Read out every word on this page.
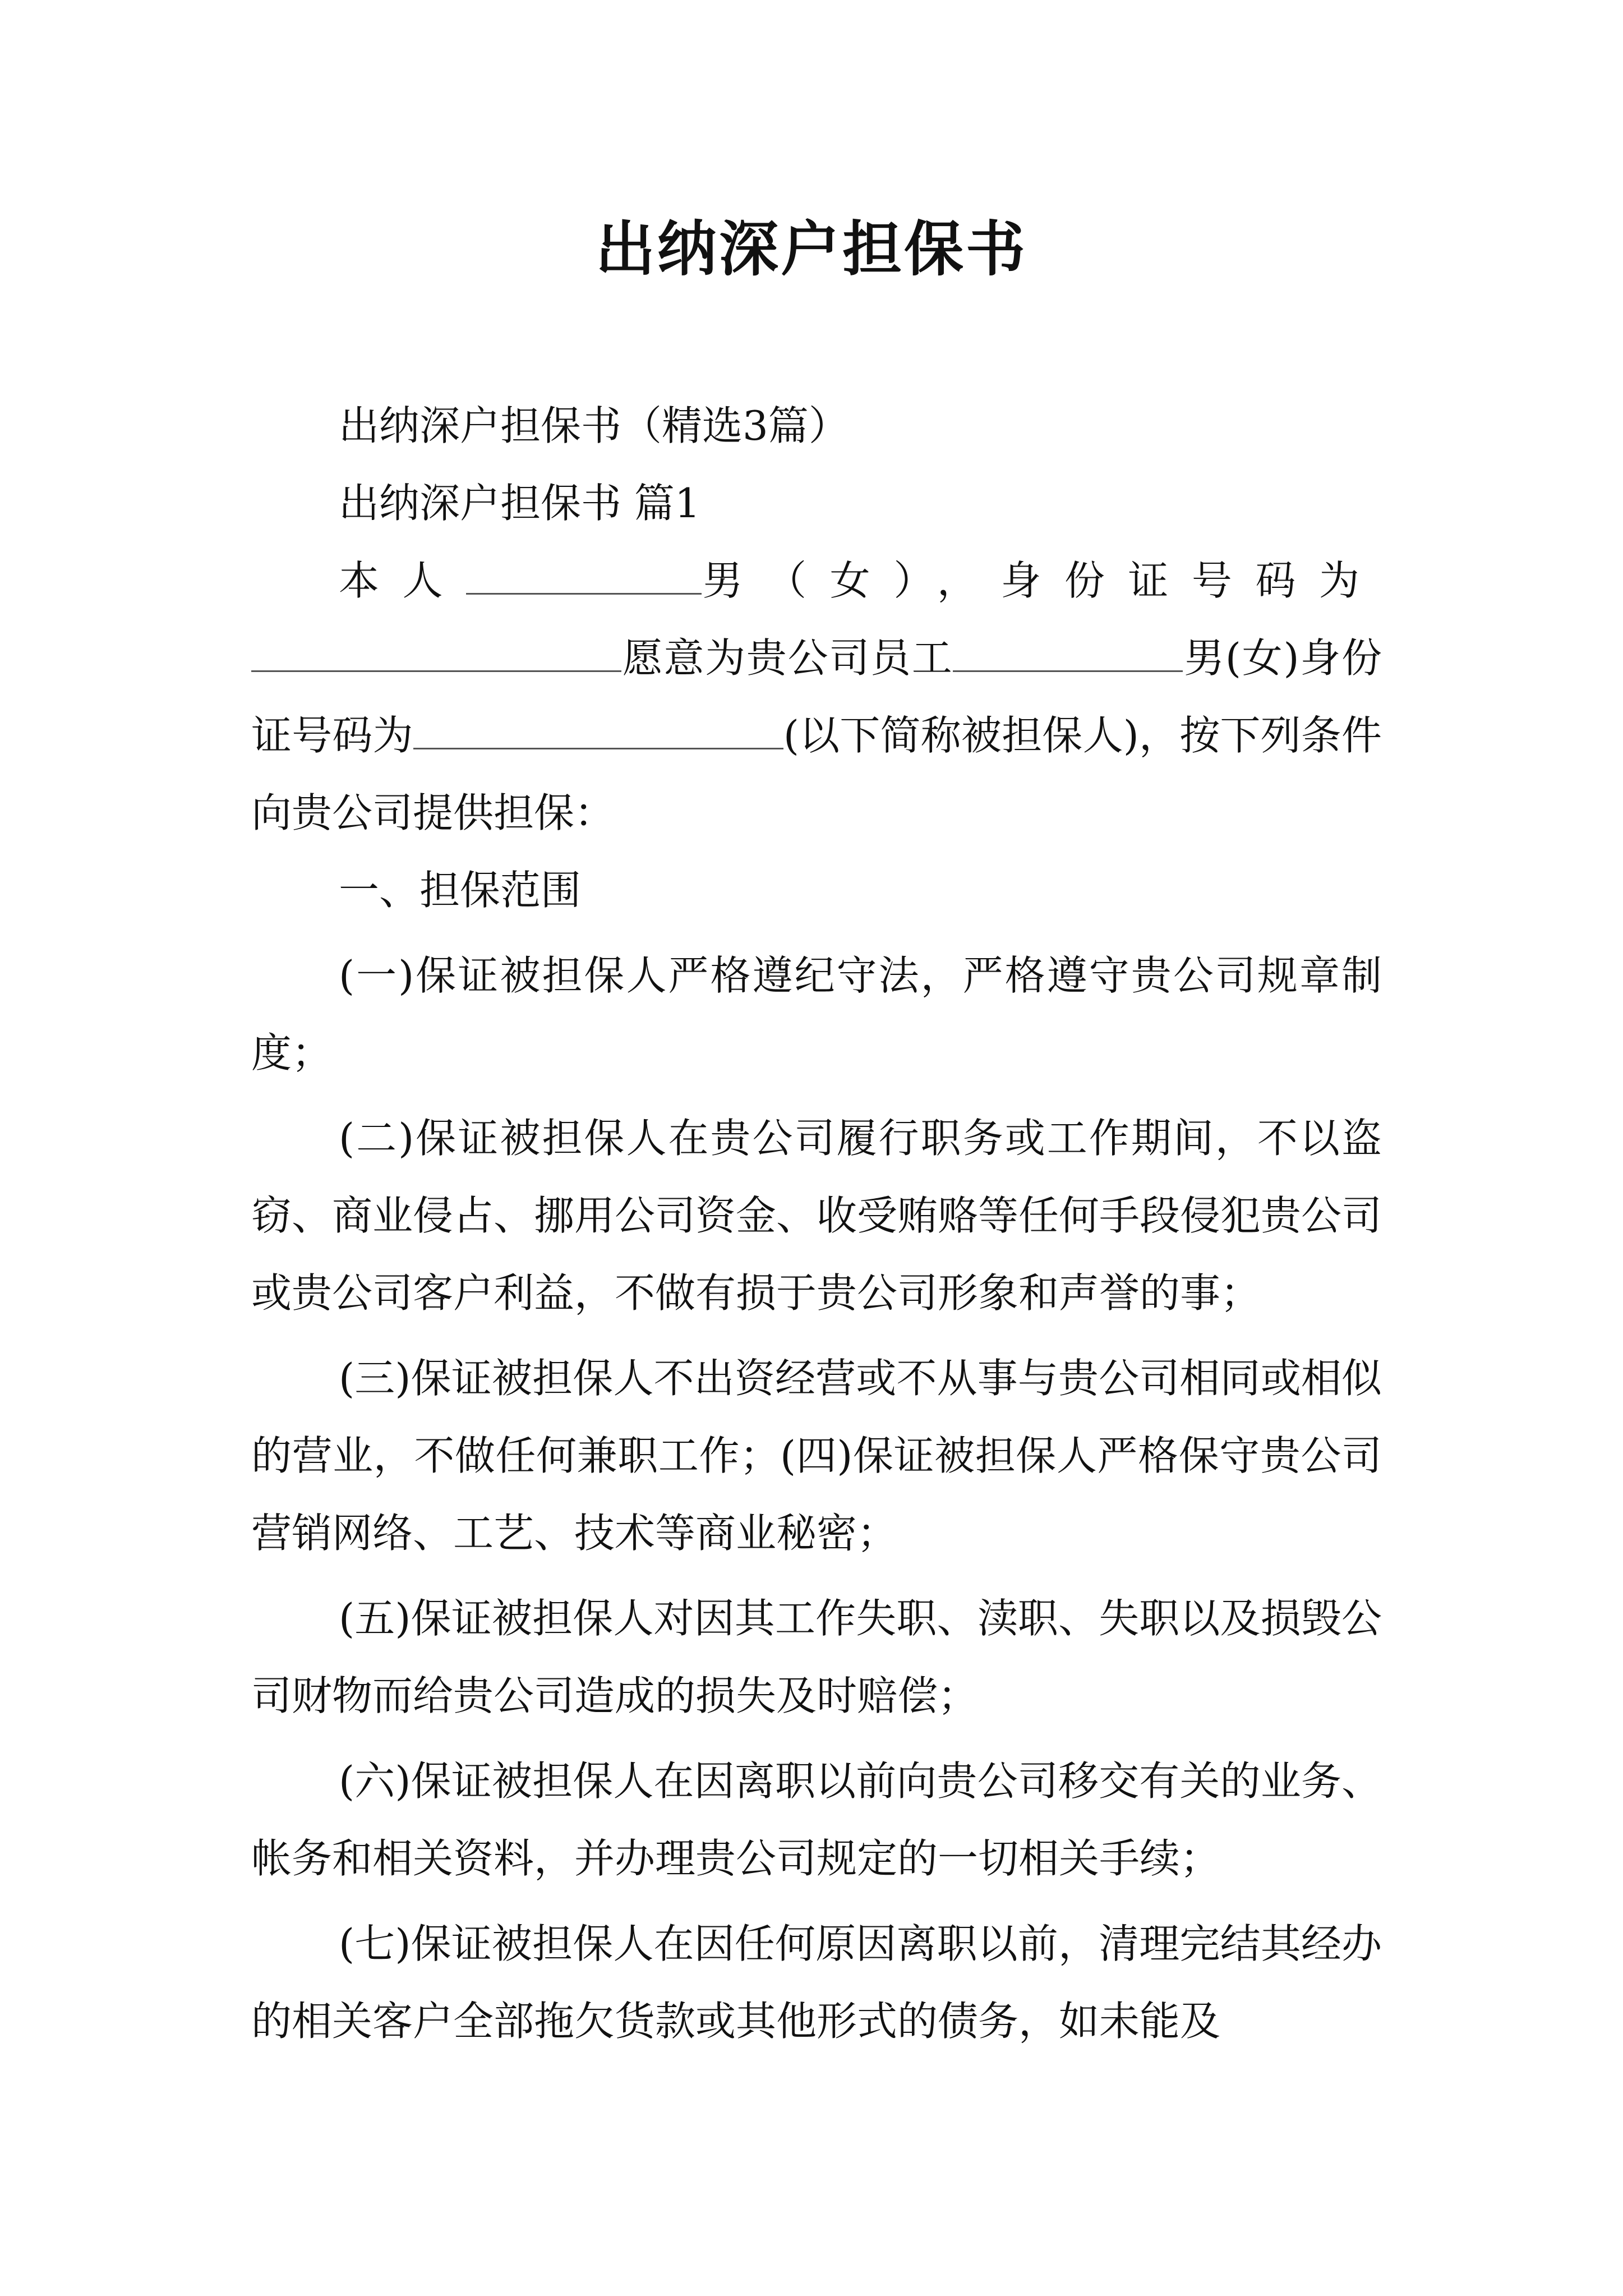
出纳深户担保书

出纳深户担保书（精选3篇）

出纳深户担保书 篇1

本人	男（女），身份证号码为愿意为贵公司员工	男(女)身份证号码为	(以下简称被担保人)，按下列条件向贵公司提供担保：

一、担保范围

(一)保证被担保人严格遵纪守法，严格遵守贵公司规章制度；

(二)保证被担保人在贵公司履行职务或工作期间，不以盗窃、商业侵占、挪用公司资金、收受贿赂等任何手段侵犯贵公司或贵公司客户利益，不做有损于贵公司形象和声誉的事；

(三)保证被担保人不出资经营或不从事与贵公司相同或相似的营业，不做任何兼职工作；(四)保证被担保人严格保守贵公司营销网络、工艺、技术等商业秘密；

(五)保证被担保人对因其工作失职、渎职、失职以及损毁公司财物而给贵公司造成的损失及时赔偿；

(六)保证被担保人在因离职以前向贵公司移交有关的业务、帐务和相关资料，并办理贵公司规定的一切相关手续；

(七)保证被担保人在因任何原因离职以前，清理完结其经办的相关客户全部拖欠货款或其他形式的债务，如未能及
